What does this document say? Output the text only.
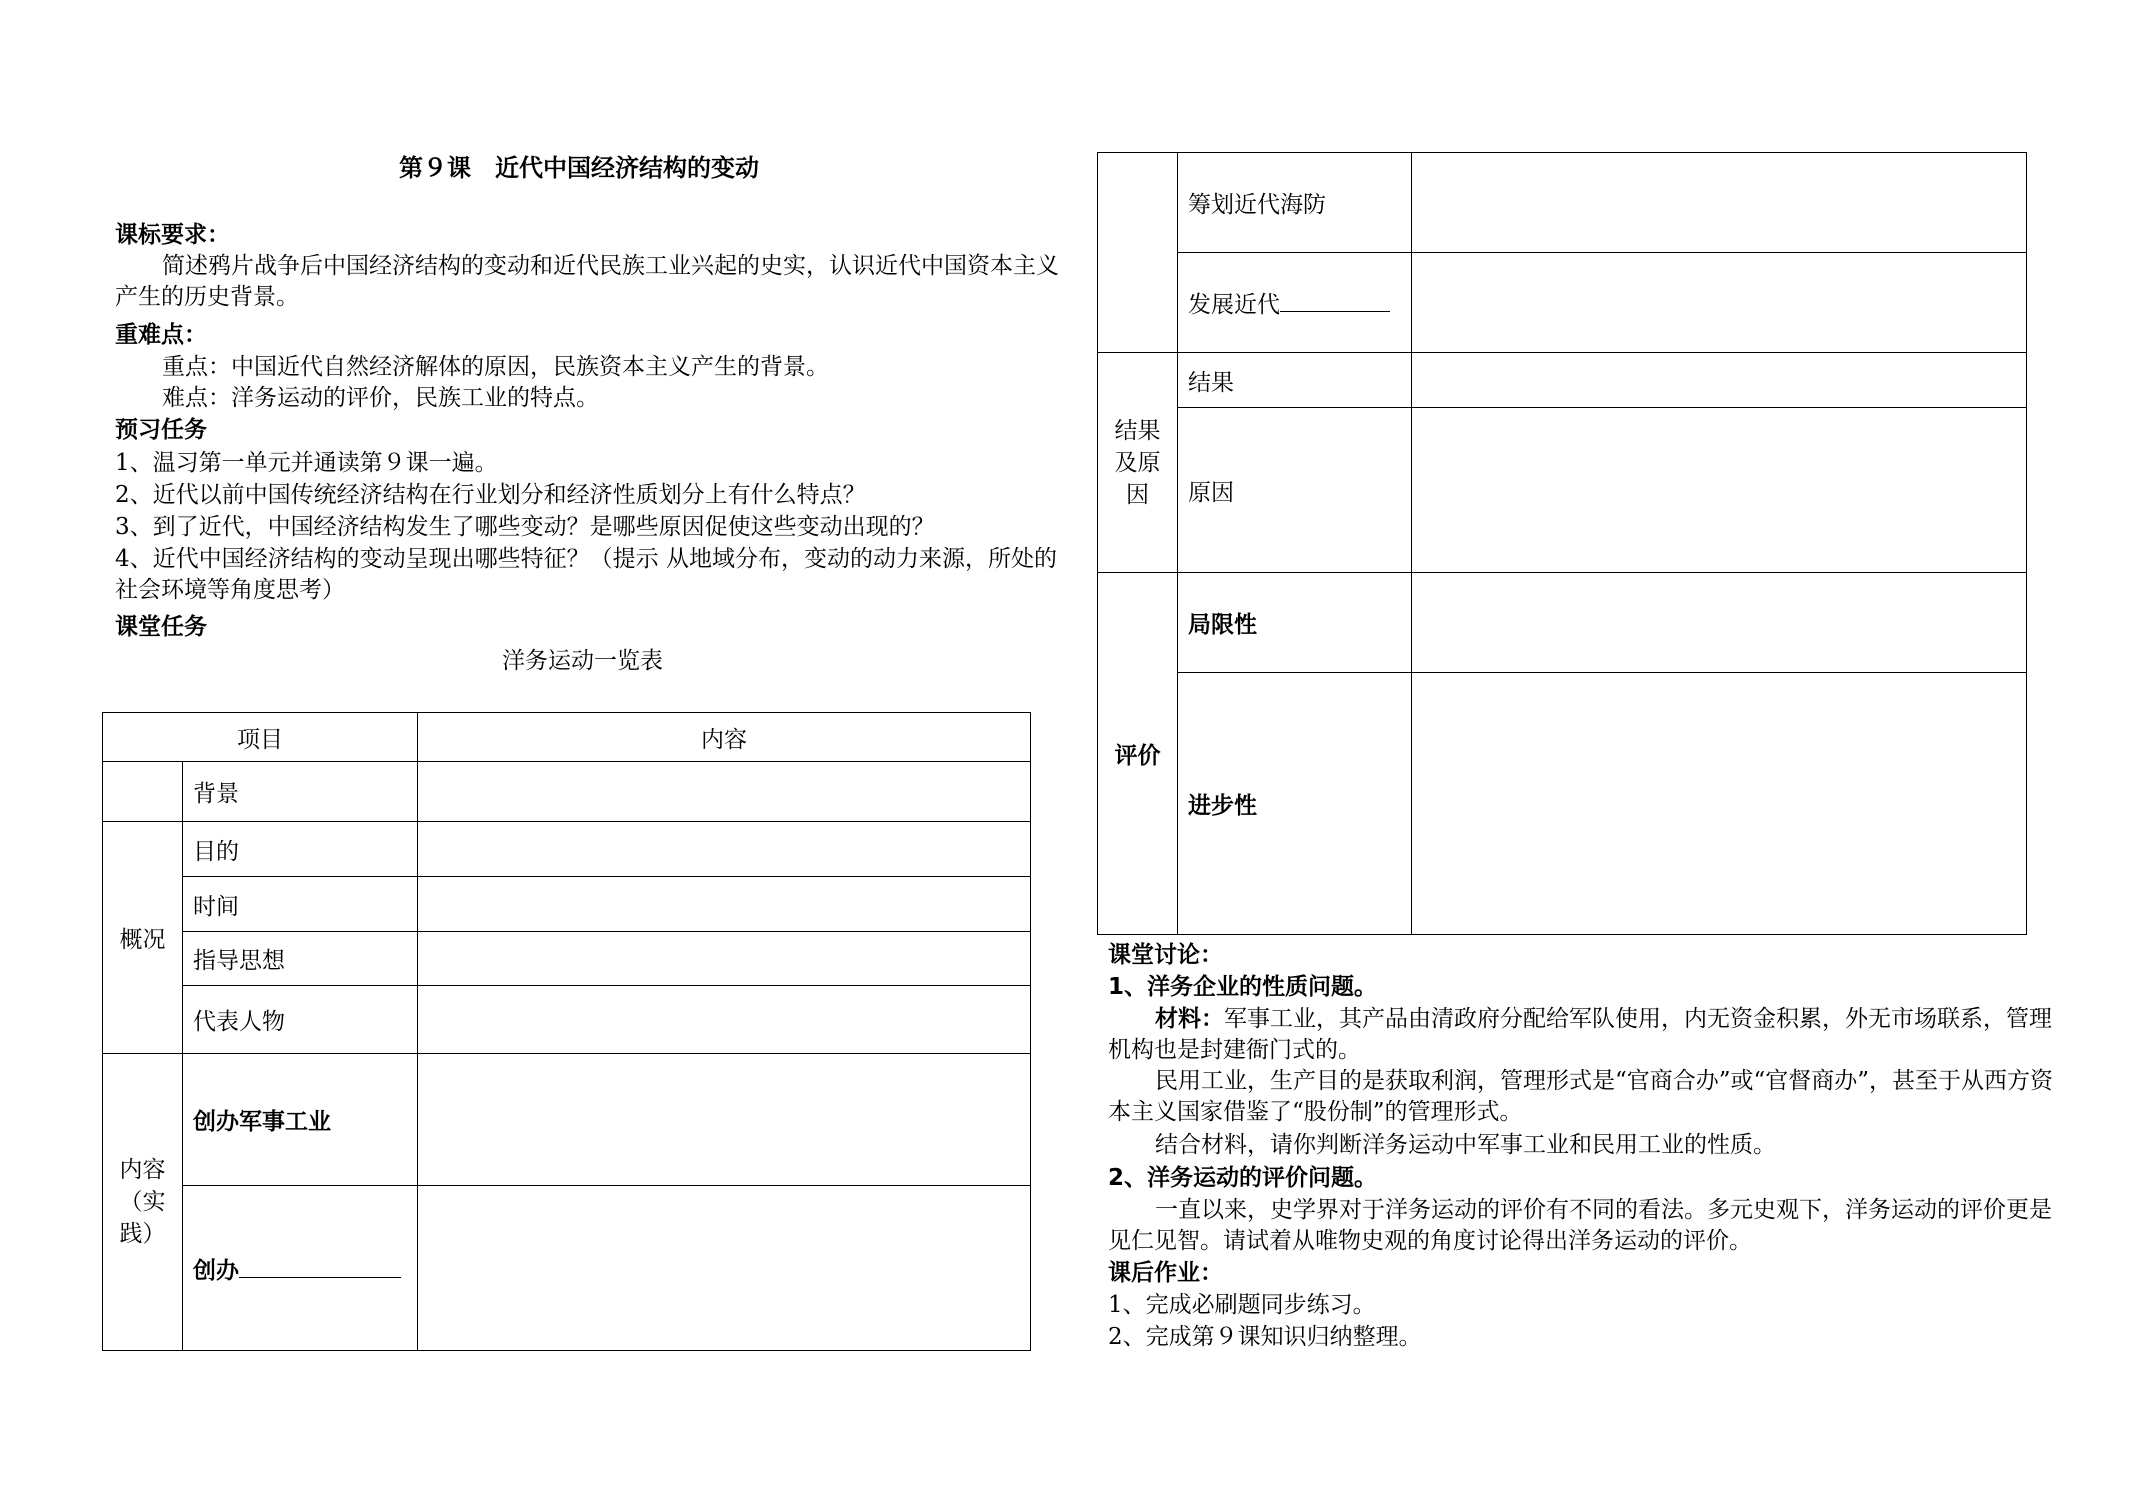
第９课　近代中国经济结构的变动
课标要求：
简述鸦片战争后中国经济结构的变动和近代民族工业兴起的史实，认识近代中国资本主义产生的历史背景。
重难点：
重点：中国近代自然经济解体的原因，民族资本主义产生的背景。
难点：洋务运动的评价，民族工业的特点。
预习任务
1、温习第一单元并通读第９课一遍。
2、近代以前中国传统经济结构在行业划分和经济性质划分上有什么特点？
3、到了近代，中国经济结构发生了哪些变动？是哪些原因促使这些变动出现的？
4、近代中国经济结构的变动呈现出哪些特征？（提示 从地域分布，变动的动力来源，所处的社会环境等角度思考）
课堂任务
洋务运动一览表
项目		内容
	背景	
概况	目的	
	时间	
	指导思想	
	代表人物	

内容
（实
践）	创办军事工业	
	创办	
	筹划近代海防	
	发展近代	

结果
及原
因	结果	
	原因	
评价	局限性	
	进步性	
课堂讨论：
1、洋务企业的性质问题。
材料：军事工业，其产品由清政府分配给军队使用，内无资金积累，外无市场联系，管理机构也是封建衙门式的。
民用工业，生产目的是获取利润，管理形式是“官商合办”或“官督商办”，甚至于从西方资本主义国家借鉴了“股份制”的管理形式。
结合材料，请你判断洋务运动中军事工业和民用工业的性质。
2、洋务运动的评价问题。
一直以来，史学界对于洋务运动的评价有不同的看法。多元史观下，洋务运动的评价更是见仁见智。请试着从唯物史观的角度讨论得出洋务运动的评价。
课后作业：
1、完成必刷题同步练习。
2、完成第９课知识归纳整理。
